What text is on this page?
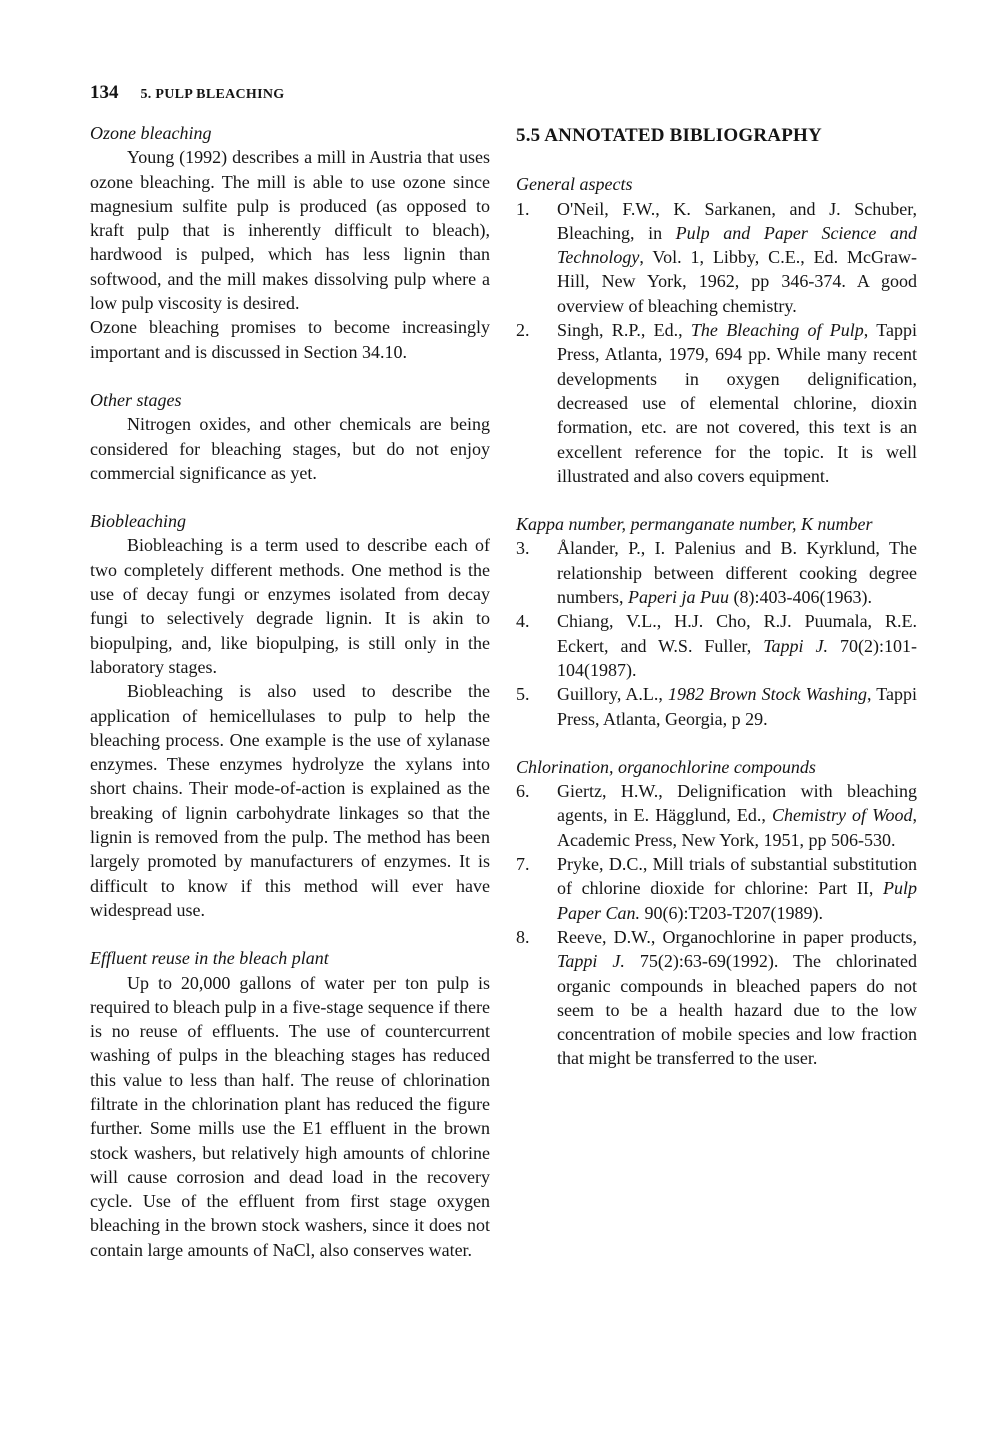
134 5. PULP BLEACHING

Ozone bleaching

Young (1992) describes a mill in Austria that uses ozone bleaching. The mill is able to use ozone since magnesium sulfite pulp is produced (as opposed to kraft pulp that is inherently difficult to bleach), hardwood is pulped, which has less lignin than softwood, and the mill makes dissolving pulp where a low pulp viscosity is desired.

Ozone bleaching promises to become increasingly important and is discussed in Section 34.10.

Other stages

Nitrogen oxides, and other chemicals are being considered for bleaching stages, but do not enjoy commercial significance as yet.

Biobleaching

Biobleaching is a term used to describe each of two completely different methods. One method is the use of decay fungi or enzymes isolated from decay fungi to selectively degrade lignin. It is akin to biopulping, and, like biopulping, is still only in the laboratory stages.

Biobleaching is also used to describe the application of hemicellulases to pulp to help the bleaching process. One example is the use of xylanase enzymes. These enzymes hydrolyze the xylans into short chains. Their mode-of-action is explained as the breaking of lignin carbohydrate linkages so that the lignin is removed from the pulp. The method has been largely promoted by manufacturers of enzymes. It is difficult to know if this method will ever have widespread use.

Effluent reuse in the bleach plant

Up to 20,000 gallons of water per ton pulp is required to bleach pulp in a five-stage sequence if there is no reuse of effluents. The use of countercurrent washing of pulps in the bleaching stages has reduced this value to less than half. The reuse of chlorination filtrate in the chlorination plant has reduced the figure further. Some mills use the E1 effluent in the brown stock washers, but relatively high amounts of chlorine will cause corrosion and dead load in the recovery cycle. Use of the effluent from first stage oxygen bleaching in the brown stock washers, since it does not contain large amounts of NaCl, also conserves water.

5.5 ANNOTATED BIBLIOGRAPHY

General aspects

1.	O'Neil, F.W., K. Sarkanen, and J. Schuber, Bleaching, in Pulp and Paper Science and Technology, Vol. 1, Libby, C.E., Ed. McGraw-Hill, New York, 1962, pp 346-374. A good overview of bleaching chemistry.
2.	Singh, R.P., Ed., The Bleaching of Pulp, Tappi Press, Atlanta, 1979, 694 pp. While many recent developments in oxygen delignification, decreased use of elemental chlorine, dioxin formation, etc. are not covered, this text is an excellent reference for the topic. It is well illustrated and also covers equipment.

Kappa number, permanganate number, K number

3.	Ålander, P., I. Palenius and B. Kyrklund, The relationship between different cooking degree numbers, Paperi ja Puu (8):403-406(1963).
4.	Chiang, V.L., H.J. Cho, R.J. Puumala, R.E. Eckert, and W.S. Fuller, Tappi J. 70(2):101-104(1987).
5.	Guillory, A.L., 1982 Brown Stock Washing, Tappi Press, Atlanta, Georgia, p 29.

Chlorination, organochlorine compounds

6.	Giertz, H.W., Delignification with bleaching agents, in E. Hägglund, Ed., Chemistry of Wood, Academic Press, New York, 1951, pp 506-530.
7.	Pryke, D.C., Mill trials of substantial substitution of chlorine dioxide for chlorine: Part II, Pulp Paper Can. 90(6):T203-T207(1989).
8.	Reeve, D.W., Organochlorine in paper products, Tappi J. 75(2):63-69(1992). The chlorinated organic compounds in bleached papers do not seem to be a health hazard due to the low concentration of mobile species and low fraction that might be transferred to the user.
